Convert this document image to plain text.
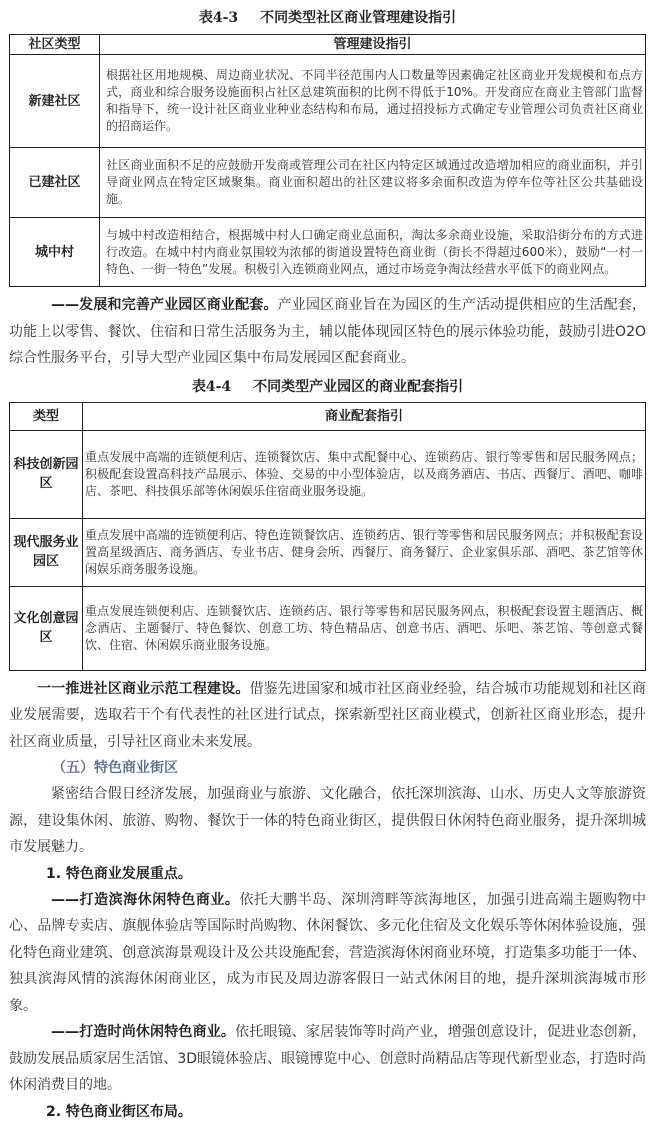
表4-3 不同类型社区商业管理建设指引
社区类型	管理建设指引
新建社区	根据社区用地规模、周边商业状况、不同半径范围内人口数量等因素确定社区商业开发规模和布点方式，商业和综合服务设施面积占社区总建筑面积的比例不得低于10%。开发商应在商业主管部门监督和指导下，统一设计社区商业业种业态结构和布局，通过招投标方式确定专业管理公司负责社区商业的招商运作。
已建社区	社区商业面积不足的应鼓励开发商或管理公司在社区内特定区域通过改造增加相应的商业面积，并引导商业网点在特定区域聚集。商业面积超出的社区建议将多余面积改造为停车位等社区公共基础设施。
城中村	与城中村改造相结合，根据城中村人口确定商业总面积，淘汰多余商业设施，采取沿街分布的方式进行改造。在城中村内商业氛围较为浓郁的街道设置特色商业街（街长不得超过600米），鼓励“一村一特色、一街一特色”发展。积极引入连锁商业网点，通过市场竞争淘汰经营水平低下的商业网点。

——发展和完善产业园区商业配套。产业园区商业旨在为园区的生产活动提供相应的生活配套，功能上以零售、餐饮、住宿和日常生活服务为主，辅以能体现园区特色的展示体验功能，鼓励引进O2O综合性服务平台，引导大型产业园区集中布局发展园区配套商业。

表4-4 不同类型产业园区的商业配套指引
类型	商业配套指引
科技创新园区	重点发展中高端的连锁便利店、连锁餐饮店、集中式配餐中心、连锁药店、银行等零售和居民服务网点；积极配套设置高科技产品展示、体验、交易的中小型体验店，以及商务酒店、书店、西餐厅、酒吧、咖啡店、茶吧、科技俱乐部等休闲娱乐住宿商业服务设施。
现代服务业园区	重点发展中高端的连锁便利店、特色连锁餐饮店、连锁药店、银行等零售和居民服务网点；并积极配套设置高星级酒店、商务酒店、专业书店、健身会所、西餐厅、商务餐厅、企业家俱乐部、酒吧、茶艺馆等休闲娱乐商务服务设施。
文化创意园区	重点发展连锁便利店、连锁餐饮店、连锁药店、银行等零售和居民服务网点，积极配套设置主题酒店、概念酒店、主题餐厅、特色餐饮、创意工坊、特色精品店、创意书店、酒吧、乐吧、茶艺馆、等创意式餐饮、住宿、休闲娱乐商业服务设施。

一一推进社区商业示范工程建设。借鉴先进国家和城市社区商业经验，结合城市功能规划和社区商业发展需要，选取若干个有代表性的社区进行试点，探索新型社区商业模式，创新社区商业形态，提升社区商业质量，引导社区商业未来发展。

（五）特色商业街区

紧密结合假日经济发展，加强商业与旅游、文化融合，依托深圳滨海、山水、历史人文等旅游资源，建设集休闲、旅游、购物、餐饮于一体的特色商业街区，提供假日休闲特色商业服务，提升深圳城市发展魅力。

1. 特色商业发展重点。

——打造滨海休闲特色商业。依托大鹏半岛、深圳湾畔等滨海地区，加强引进高端主题购物中心、品牌专卖店、旗舰体验店等国际时尚购物、休闲餐饮、多元化住宿及文化娱乐等休闲体验设施，强化特色商业建筑、创意滨海景观设计及公共设施配套，营造滨海休闲商业环境，打造集多功能于一体、独具滨海风情的滨海休闲商业区，成为市民及周边游客假日一站式休闲目的地，提升深圳滨海城市形象。

——打造时尚休闲特色商业。依托眼镜、家居装饰等时尚产业，增强创意设计，促进业态创新，鼓励发展品质家居生活馆、3D眼镜体验店、眼镜博览中心、创意时尚精品店等现代新型业态，打造时尚休闲消费目的地。

2. 特色商业街区布局。
